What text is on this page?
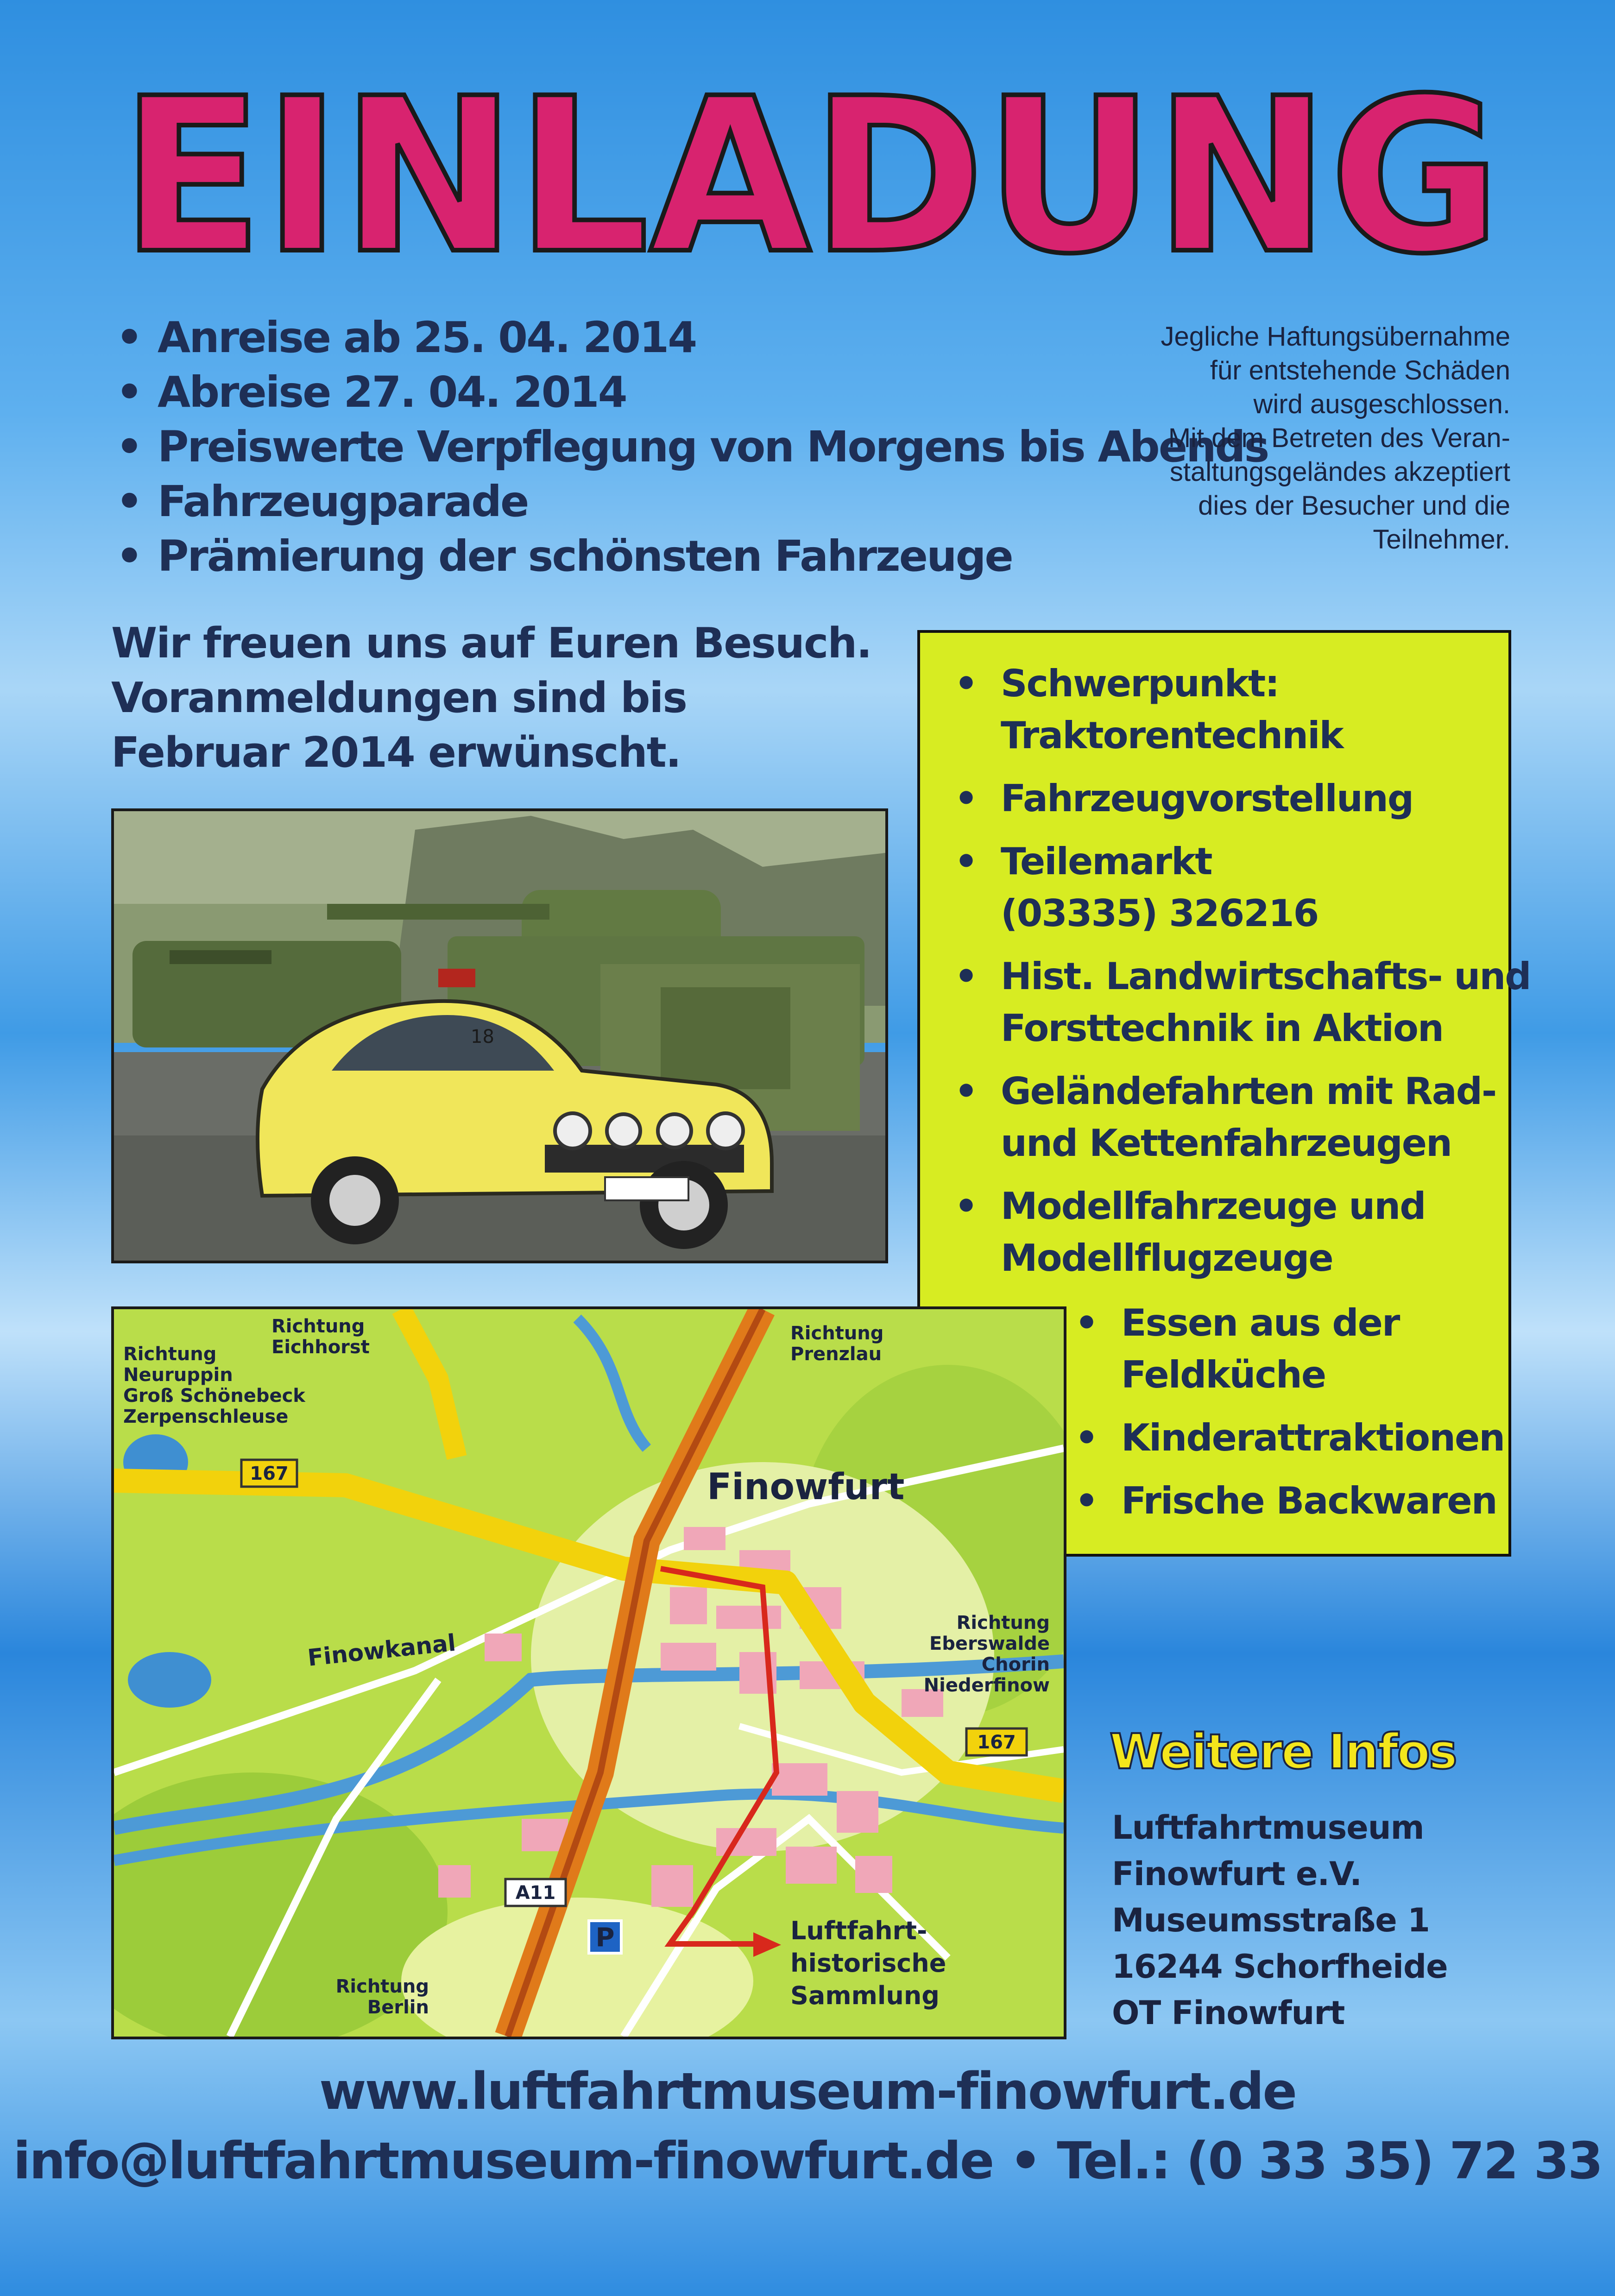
EINLADUNG
• Anreise ab 25. 04. 2014
• Abreise 27. 04. 2014
• Preiswerte Verpflegung von Morgens bis Abends
• Fahrzeugparade
• Prämierung der schönsten Fahrzeuge
Jegliche Haftungsübernahme
für entstehende Schäden
wird ausgeschlossen.
Mit dem Betreten des Veran-
staltungsgeländes akzeptiert
dies der Besucher und die
Teilnehmer.
Wir freuen uns auf Euren Besuch.
Voranmeldungen sind bis
Februar 2014 erwünscht.
18
• Schwerpunkt:
Traktorentechnik
• Fahrzeugvorstellung
• Teilemarkt
(03335) 326216
• Hist. Landwirtschafts- und
Forsttechnik in Aktion
• Geländefahrten mit Rad-
und Kettenfahrzeugen
• Modellfahrzeuge und
Modellflugzeuge
• Essen aus der
Feldküche
• Kinderattraktionen
• Frische Backwaren
167
167
A11
P
Finowfurt
Finowkanal
Richtung
Neuruppin
Groß Schönebeck
Zerpenschleuse
Richtung
Eichhorst
Richtung
Prenzlau
Richtung
Eberswalde
Chorin
Niederfinow
Richtung
Berlin
Luftfahrt-
historische
Sammlung
Weitere Infos
Luftfahrtmuseum
Finowfurt e.V.
Museumsstraße 1
16244 Schorfheide
OT Finowfurt
www.luftfahrtmuseum-finowfurt.de
info@luftfahrtmuseum-finowfurt.de • Tel.: (0 33 35) 72 33
